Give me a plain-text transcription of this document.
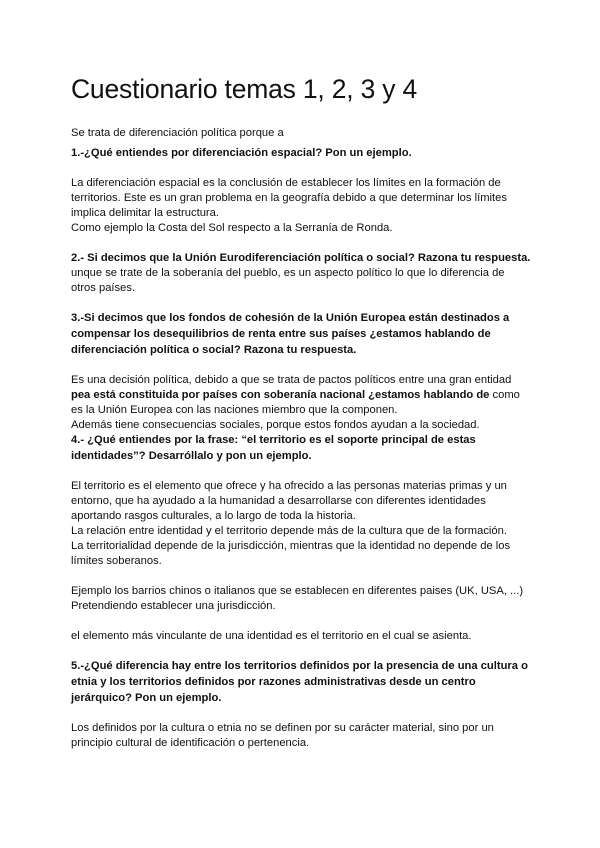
Cuestionario temas 1, 2, 3 y 4
Se trata de diferenciación política porque a
1.-¿Qué entiendes por diferenciación espacial? Pon un ejemplo.
La diferenciación espacial es la conclusión de establecer los límites en la formación de
territorios. Este es un gran problema en la geografía debido a que determinar los límites
implica delimitar la estructura.
Como ejemplo la Costa del Sol respecto a la Serranía de Ronda.
2.- Si decimos que la Unión Eurodiferenciación política o social? Razona tu respuesta.
unque se trate de la soberanía del pueblo, es un aspecto político lo que lo diferencia de
otros países.
3.-Si decimos que los fondos de cohesión de la Unión Europea están destinados a
compensar los desequilibrios de renta entre sus países ¿estamos hablando de
diferenciación política o social? Razona tu respuesta.
Es una decisión política, debido a que se trata de pactos políticos entre una gran entidad
pea está constituida por países con soberanía nacional ¿estamos hablando de como
es la Unión Europea con las naciones miembro que la componen.
Además tiene consecuencias sociales, porque estos fondos ayudan a la sociedad.
4.- ¿Qué entiendes por la frase: “el territorio es el soporte principal de estas
identidades”? Desarróllalo y pon un ejemplo.
El territorio es el elemento que ofrece y ha ofrecido a las personas materias primas y un
entorno, que ha ayudado a la humanidad a desarrollarse con diferentes identidades
aportando rasgos culturales, a lo largo de toda la historia.
La relación entre identidad y el territorio depende más de la cultura que de la formación.
La territorialidad depende de la jurisdicción, mientras que la identidad no depende de los
límites soberanos.
Ejemplo los barrios chinos o italianos que se establecen en diferentes paises (UK, USA, ...)
Pretendiendo establecer una jurisdicción.
el elemento más vinculante de una identidad es el territorio en el cual se asienta.
5.-¿Qué diferencia hay entre los territorios definidos por la presencia de una cultura o
etnia y los territorios definidos por razones administrativas desde un centro
jerárquico? Pon un ejemplo.
Los definidos por la cultura o etnia no se definen por su carácter material, sino por un
principio cultural de identificación o pertenencia.
